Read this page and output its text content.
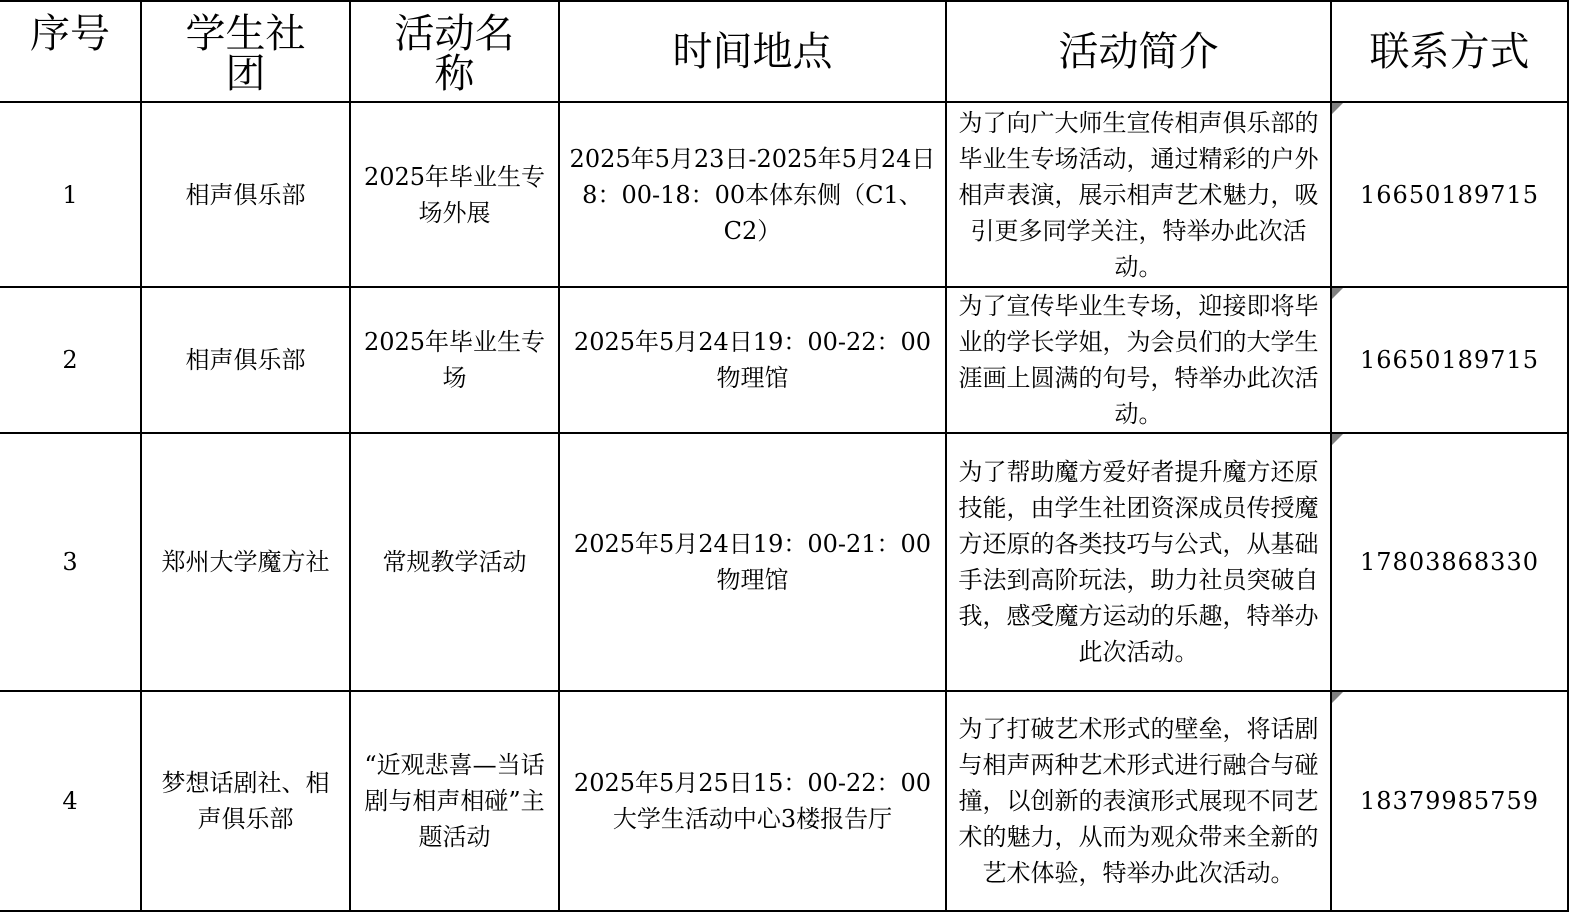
序号	学生社团	活动名称	时间地点	活动简介	联系方式

1	相声俱乐部	2025年毕业生专场外展	2025年5月23日-2025年5月24日8：00-18：00本体东侧（C1、C2）	为了向广大师生宣传相声俱乐部的毕业生专场活动，通过精彩的户外相声表演，展示相声艺术魅力，吸引更多同学关注，特举办此次活动。	16650189715

2	相声俱乐部	2025年毕业生专场	2025年5月24日19：00-22：00物理馆	为了宣传毕业生专场，迎接即将毕业的学长学姐，为会员们的大学生涯画上圆满的句号，特举办此次活动。	16650189715

3	郑州大学魔方社	常规教学活动	2025年5月24日19：00-21：00物理馆	为了帮助魔方爱好者提升魔方还原技能，由学生社团资深成员传授魔方还原的各类技巧与公式，从基础手法到高阶玩法，助力社员突破自我，感受魔方运动的乐趣，特举办此次活动。	17803868330

4	梦想话剧社、相声俱乐部	“近观悲喜—当话剧与相声相碰”主题活动	2025年5月25日15：00-22：00大学生活动中心3楼报告厅	为了打破艺术形式的壁垒，将话剧与相声两种艺术形式进行融合与碰撞，以创新的表演形式展现不同艺术的魅力，从而为观众带来全新的艺术体验，特举办此次活动。	18379985759
